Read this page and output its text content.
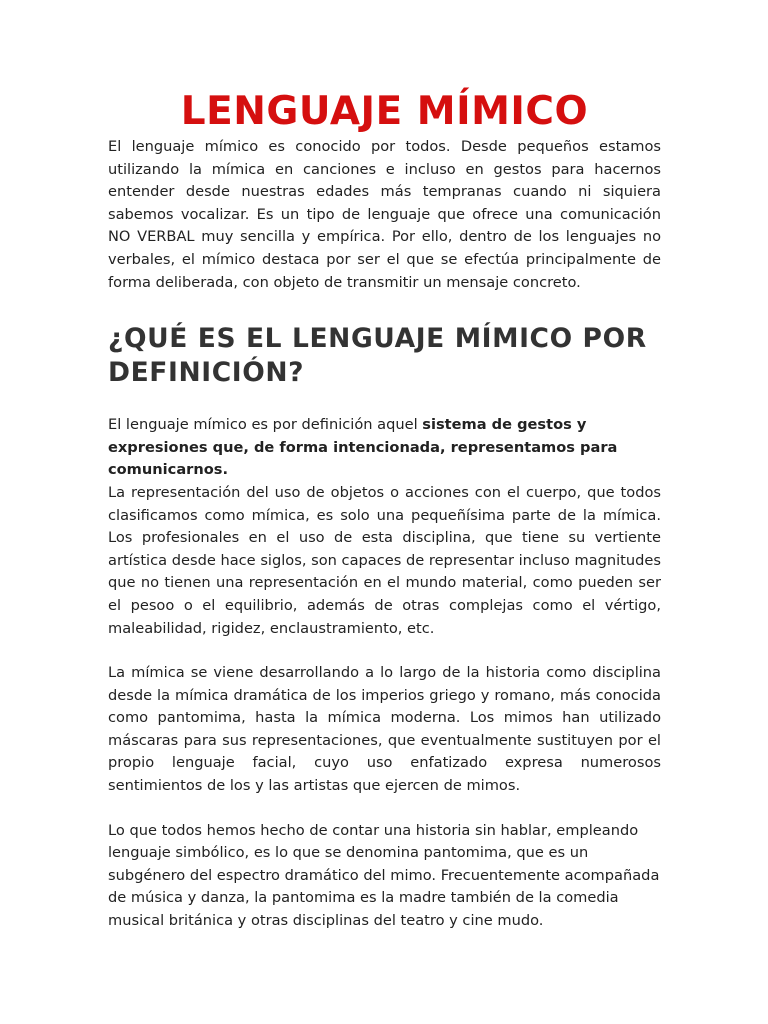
LENGUAJE MÍMICO

El lenguaje mímico es conocido por todos. Desde pequeños estamos utilizando la mímica en canciones e incluso en gestos para hacernos entender desde nuestras edades más tempranas cuando ni siquiera sabemos vocalizar. Es un tipo de lenguaje que ofrece una comunicación NO VERBAL muy sencilla y empírica. Por ello, dentro de los lenguajes no verbales, el mímico destaca por ser el que se efectúa principalmente de forma deliberada, con objeto de transmitir un mensaje concreto.

¿QUÉ ES EL LENGUAJE MÍMICO POR DEFINICIÓN?

El lenguaje mímico es por definición aquel sistema de gestos y expresiones que, de forma intencionada, representamos para comunicarnos.

La representación del uso de objetos o acciones con el cuerpo, que todos clasificamos como mímica, es solo una pequeñísima parte de la mímica. Los profesionales en el uso de esta disciplina, que tiene su vertiente artística desde hace siglos, son capaces de representar incluso magnitudes que no tienen una representación en el mundo material, como pueden ser el pesoo o el equilibrio, además de otras complejas como el vértigo, maleabilidad, rigidez, enclaustramiento, etc.

La mímica se viene desarrollando a lo largo de la historia como disciplina desde la mímica dramática de los imperios griego y romano, más conocida como pantomima, hasta la mímica moderna. Los mimos han utilizado máscaras para sus representaciones, que eventualmente sustituyen por el propio lenguaje facial, cuyo uso enfatizado expresa numerosos sentimientos de los y las artistas que ejercen de mimos.

Lo que todos hemos hecho de contar una historia sin hablar, empleando lenguaje simbólico, es lo que se denomina pantomima, que es un subgénero del espectro dramático del mimo. Frecuentemente acompañada de música y danza, la pantomima es la madre también de la comedia musical británica y otras disciplinas del teatro y cine mudo.
